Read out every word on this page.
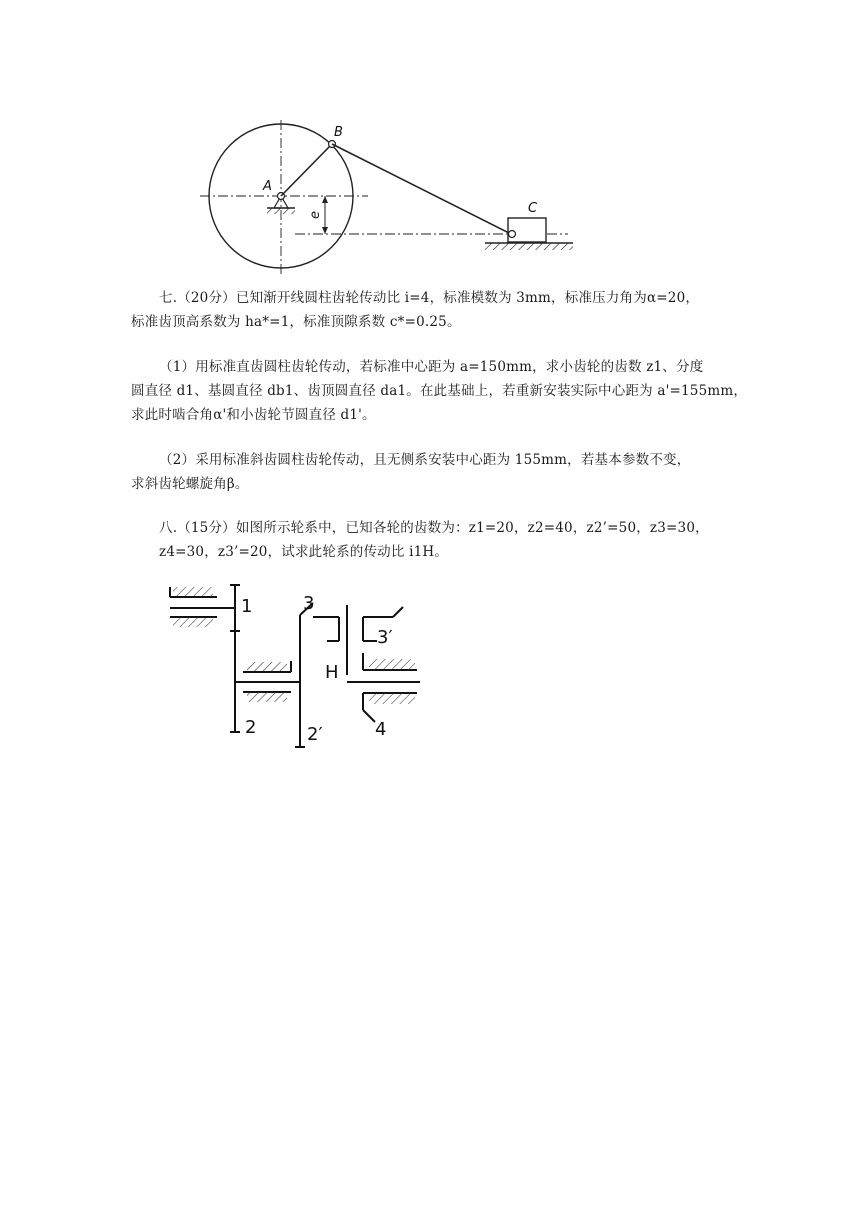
e
A
B
C
七.（20分）已知渐开线圆柱齿轮传动比 i=4，标准模数为 3mm，标准压力角为α=20，
标准齿顶高系数为 ha*=1，标准顶隙系数 c*=0.25。
（1）用标准直齿圆柱齿轮传动，若标准中心距为 a=150mm，求小齿轮的齿数 z1、分度
圆直径 d1、基圆直径 db1、齿顶圆直径 da1。在此基础上，若重新安装实际中心距为 a'=155mm，
求此时啮合角α'和小齿轮节圆直径 d1'。
（2）采用标准斜齿圆柱齿轮传动，且无侧系安装中心距为 155mm，若基本参数不变，
求斜齿轮螺旋角β。
八.（15分）如图所示轮系中，已知各轮的齿数为：z1=20，z2=40，z2’=50，z3=30，
z4=30，z3’=20，试求此轮系的传动比 i1H。
1
2	2′
3
3′
4
H
